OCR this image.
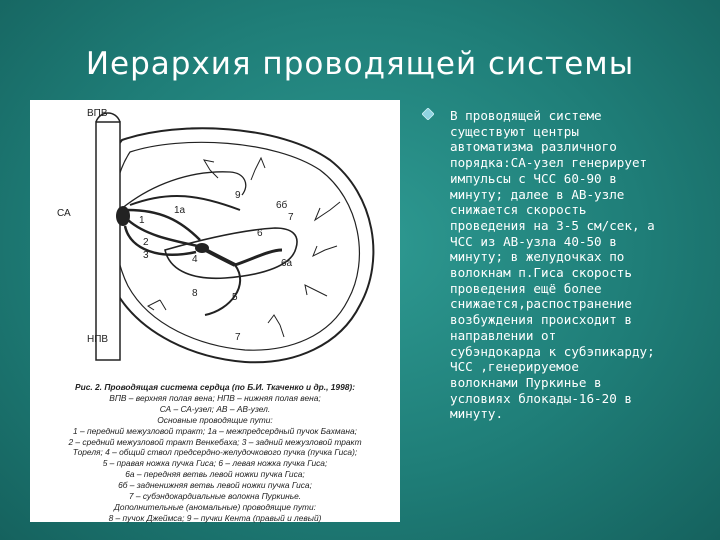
Иерархия проводящей системы
ВПВ
НПВ
СА
1
1а
2
3	4
5
6
6а
6б
7
7
8
9
Рис. 2. Проводящая система сердца (по Б.И. Ткаченко и др., 1998):
ВПВ – верхняя полая вена; НПВ – нижняя полая вена;
СА – СА-узел; АВ – АВ-узел.
Основные проводящие пути:
1 – передний межузловой тракт; 1а – межпредсердный пучок Бахмана;
2 – средний межузловой тракт Венкебаха; 3 – задний межузловой тракт
Тореля; 4 – общий ствол предсердно-желудочкового пучка (пучка Гиса);
5 – правая ножка пучка Гиса; 6 – левая ножка пучка Гиса;
6а – передняя ветвь левой ножки пучка Гиса;
6б – задненижняя ветвь левой ножки пучка Гиса;
7 – субэндокардиальные волокна Пуркинье.
Дополнительные (аномальные) проводящие пути:
8 – пучок Джеймса; 9 – пучки Кента (правый и левый)
В проводящей системе
существуют центры
автоматизма различного
порядка:СА-узел генерирует
импульсы с ЧСС 60-90 в
минуту; далее в АВ-узле
снижается скорость
проведения на 3-5 см/сек, а
ЧСС из АВ-узла 40-50 в
минуту; в желудочках по
волокнам п.Гиса скорость
проведения ещё более
снижается,распостранение
возбуждения происходит в
направлении от
субэндокарда к субэпикарду;
ЧСС ,генерируемое
волокнами Пуркинье в
условиях блокады-16-20 в
минуту.
